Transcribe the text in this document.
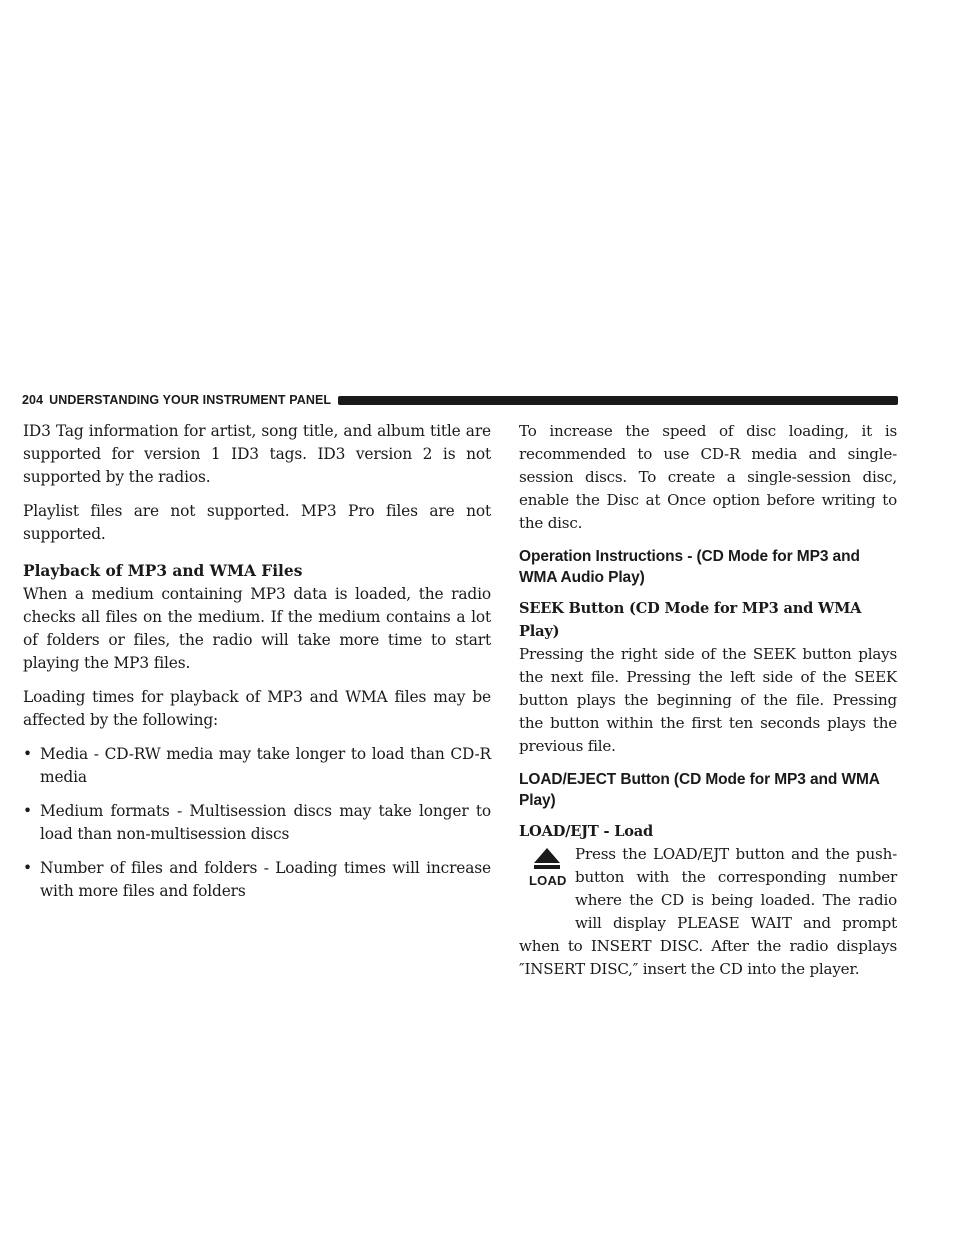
204 UNDERSTANDING YOUR INSTRUMENT PANEL

ID3 Tag information for artist, song title, and album title are supported for version 1 ID3 tags. ID3 version 2 is not supported by the radios.

Playlist files are not supported. MP3 Pro files are not supported.

Playback of MP3 and WMA Files

When a medium containing MP3 data is loaded, the radio checks all files on the medium. If the medium contains a lot of folders or files, the radio will take more time to start playing the MP3 files.

Loading times for playback of MP3 and WMA files may be affected by the following:

• Media - CD-RW media may take longer to load than CD-R media
• Medium formats - Multisession discs may take longer to load than non-multisession discs
• Number of files and folders - Loading times will increase with more files and folders

To increase the speed of disc loading, it is recommended to use CD-R media and single-session discs. To create a single-session disc, enable the Disc at Once option before writing to the disc.

Operation Instructions - (CD Mode for MP3 and WMA Audio Play)
SEEK Button (CD Mode for MP3 and WMA Play)

Pressing the right side of the SEEK button plays the next file. Pressing the left side of the SEEK button plays the beginning of the file. Pressing the button within the first ten seconds plays the previous file.

LOAD/EJECT Button (CD Mode for MP3 and WMA Play)
LOAD/EJT - Load
LOAD

Press the LOAD/EJT button and the push-button with the corresponding number where the CD is being loaded. The radio will display PLEASE WAIT and prompt when to INSERT DISC. After the radio displays ″INSERT DISC,″ insert the CD into the player.
